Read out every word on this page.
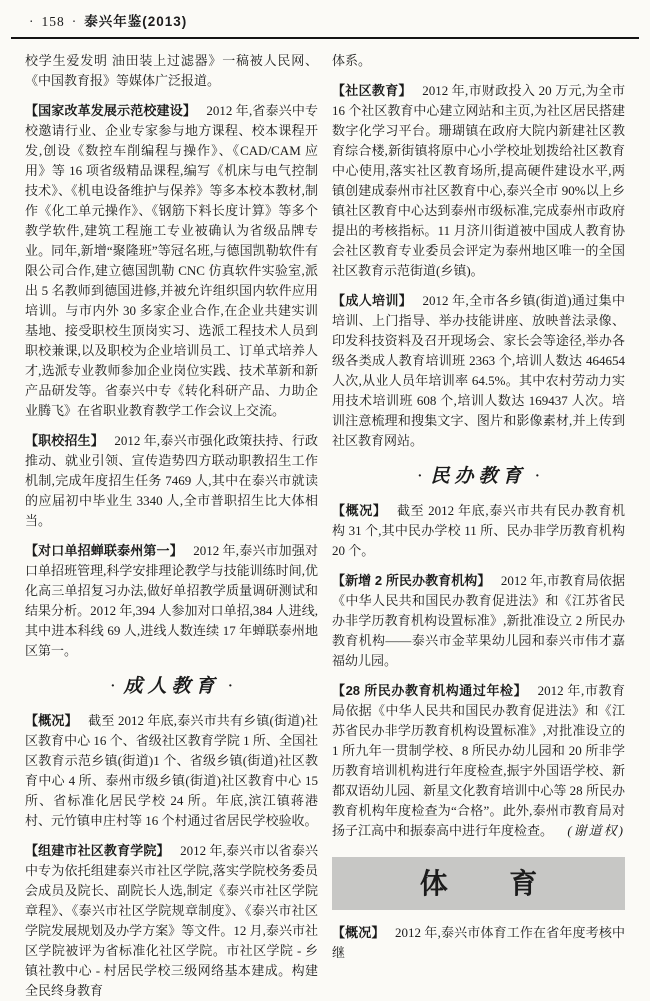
· 158 · 泰兴年鉴(2013)

校学生爱发明 油田装上过滤器》一稿被人民网、《中国教育报》等媒体广泛报道。

【国家改革发展示范校建设】 2012 年,省泰兴中专校邀请行业、企业专家参与地方课程、校本课程开发,创设《数控车削编程与操作》、《CAD/CAM 应用》等 16 项省级精品课程,编写《机床与电气控制技术》、《机电设备维护与保养》等多本校本教材,制作《化工单元操作》、《钢筋下料长度计算》等多个教学软件,建筑工程施工专业被确认为省级品牌专业。同年,新增“聚隆班”等冠名班,与德国凯勒软件有限公司合作,建立德国凯勒 CNC 仿真软件实验室,派出 5 名教师到德国进修,并被允许组织国内软件应用培训。与市内外 30 多家企业合作,在企业共建实训基地、接受职校生顶岗实习、选派工程技术人员到职校兼课,以及职校为企业培训员工、订单式培养人才,选派专业教师参加企业岗位实践、技术革新和新产品研发等。省泰兴中专《转化科研产品、力助企业腾飞》在省职业教育教学工作会议上交流。

【职校招生】 2012 年,泰兴市强化政策扶持、行政推动、就业引领、宣传造势四方联动职教招生工作机制,完成年度招生任务 7469 人,其中在泰兴市就读的应届初中毕业生 3340 人,全市普职招生比大体相当。

【对口单招蝉联泰州第一】 2012 年,泰兴市加强对口单招班管理,科学安排理论教学与技能训练时间,优化高三单招复习办法,做好单招教学质量调研测试和结果分析。2012 年,394 人参加对口单招,384 人进线,其中进本科线 69 人,进线人数连续 17 年蝉联泰州地区第一。

· 成人教育 ·

【概况】 截至 2012 年底,泰兴市共有乡镇(街道)社区教育中心 16 个、省级社区教育学院 1 所、全国社区教育示范乡镇(街道)1 个、省级乡镇(街道)社区教育中心 4 所、泰州市级乡镇(街道)社区教育中心 15 所、省标准化居民学校 24 所。年底,滨江镇蒋港村、元竹镇申庄村等 16 个村通过省居民学校验收。

【组建市社区教育学院】 2012 年,泰兴市以省泰兴中专为依托组建泰兴市社区学院,落实学院校务委员会成员及院长、副院长人选,制定《泰兴市社区学院章程》、《泰兴市社区学院规章制度》、《泰兴市社区学院发展规划及办学方案》等文件。12 月,泰兴市社区学院被评为省标准化社区学院。市社区学院 - 乡镇社教中心 - 村居民学校三级网络基本建成。构建全民终身教育

体系。

【社区教育】 2012 年,市财政投入 20 万元,为全市 16 个社区教育中心建立网站和主页,为社区居民搭建数字化学习平台。珊瑚镇在政府大院内新建社区教育综合楼,新街镇将原中心小学校址划拨给社区教育中心使用,落实社区教育场所,提高硬件建设水平,两镇创建成泰州市社区教育中心,泰兴全市 90%以上乡镇社区教育中心达到泰州市级标准,完成泰州市政府提出的考核指标。11 月济川街道被中国成人教育协会社区教育专业委员会评定为泰州地区唯一的全国社区教育示范街道(乡镇)。

【成人培训】 2012 年,全市各乡镇(街道)通过集中培训、上门指导、举办技能讲座、放映普法录像、印发科技资料及召开现场会、家长会等途径,举办各级各类成人教育培训班 2363 个,培训人数达 464654 人次,从业人员年培训率 64.5%。其中农村劳动力实用技术培训班 608 个,培训人数达 169437 人次。培训注意梳理和搜集文字、图片和影像素材,并上传到社区教育网站。

· 民办教育 ·

【概况】 截至 2012 年底,泰兴市共有民办教育机构 31 个,其中民办学校 11 所、民办非学历教育机构 20 个。

【新增 2 所民办教育机构】 2012 年,市教育局依据《中华人民共和国民办教育促进法》和《江苏省民办非学历教育机构设置标准》,新批准设立 2 所民办教育机构——泰兴市金苹果幼儿园和泰兴市伟才嘉福幼儿园。

【28 所民办教育机构通过年检】 2012 年,市教育局依据《中华人民共和国民办教育促进法》和《江苏省民办非学历教育机构设置标准》,对批准设立的 1 所九年一贯制学校、8 所民办幼儿园和 20 所非学历教育培训机构进行年度检查,振宇外国语学校、新都双语幼儿园、新星文化教育培训中心等 28 所民办教育机构年度检查为“合格”。此外,泰州市教育局对扬子江高中和振泰高中进行年度检查。 (谢道权)

体育

【概况】 2012 年,泰兴市体育工作在省年度考核中继
